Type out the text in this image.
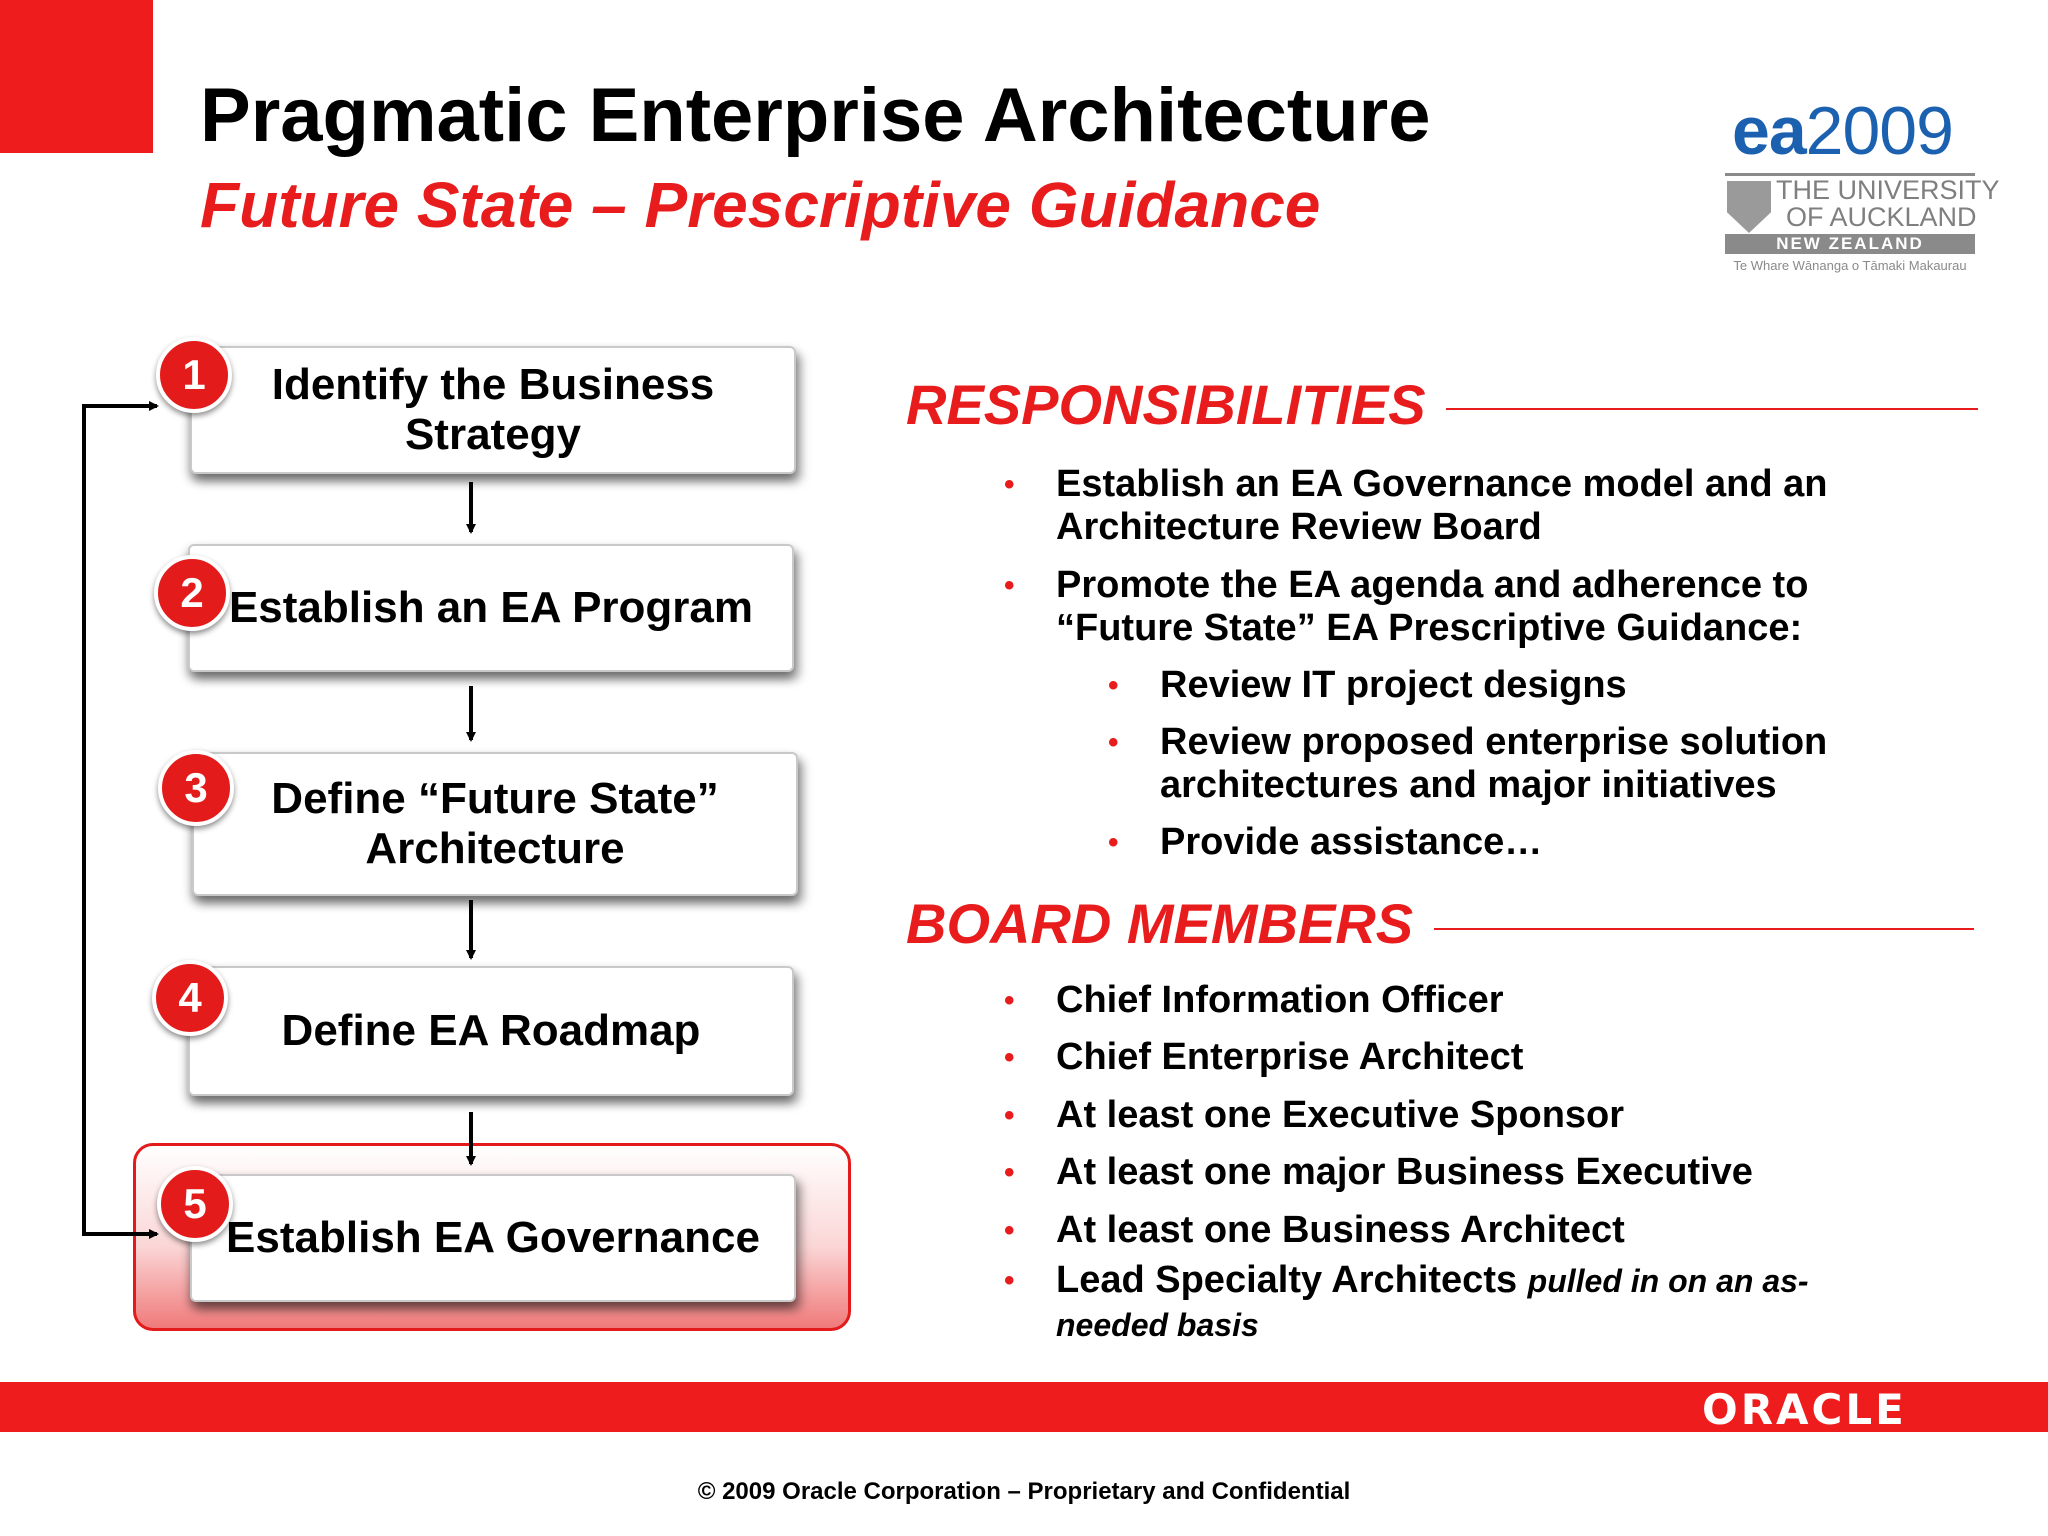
Pragmatic Enterprise Architecture
Future State – Prescriptive Guidance
ea2009
THE UNIVERSITY
OF AUCKLAND
NEW ZEALAND
Te Whare Wānanga o Tāmaki Makaurau
Identify the Business Strategy
Establish an EA Program
Define “Future State” Architecture
Define EA Roadmap
Establish EA Governance
1
2
3
4
5
RESPONSIBILITIES
• Establish an EA Governance model and an Architecture Review Board
• Promote the EA agenda and adherence to “Future State” EA Prescriptive Guidance:
• Review IT project designs
• Review proposed enterprise solution architectures and major initiatives
• Provide assistance…
BOARD MEMBERS
• Chief Information Officer
• Chief Enterprise Architect
• At least one Executive Sponsor
• At least one major Business Executive
• At least one Business Architect
• Lead Specialty Architects pulled in on an as-needed basis
ORACLE
© 2009 Oracle Corporation – Proprietary and Confidential
